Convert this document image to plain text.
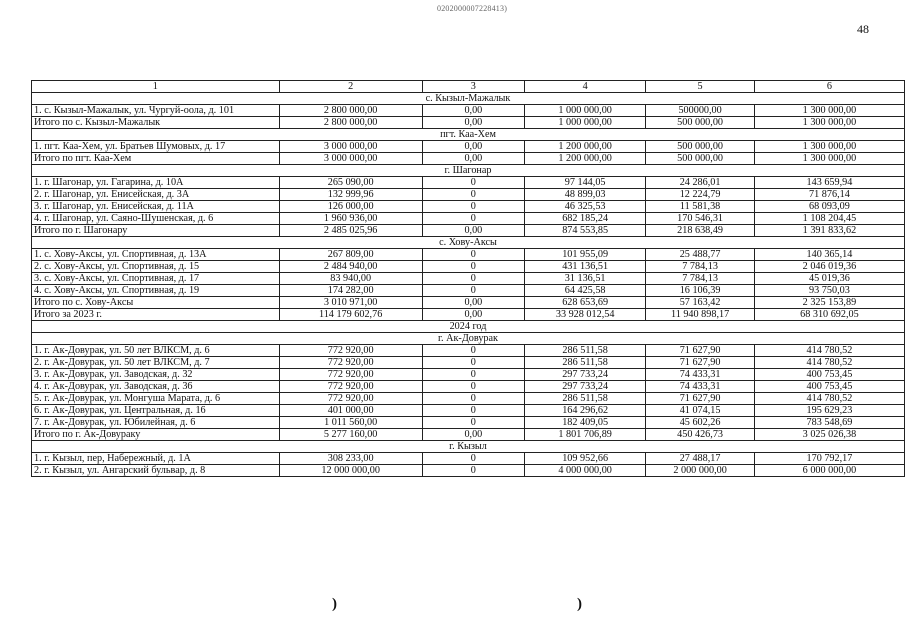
0202000007228413)
48
1	2	3	4	5	6
с. Кызыл-Мажалык					
1. с. Кызыл-Мажалык, ул. Чургуй-оола, д. 101	2 800 000,00	0,00	1 000 000,00	500000,00	1 300 000,00
Итого по с. Кызыл-Мажалык	2 800 000,00	0,00	1 000 000,00	500 000,00	1 300 000,00
пгт. Каа-Хем					
1. пгт. Каа-Хем, ул. Братьев Шумовых, д. 17	3 000 000,00	0,00	1 200 000,00	500 000,00	1 300 000,00
Итого по пгт. Каа-Хем	3 000 000,00	0,00	1 200 000,00	500 000,00	1 300 000,00
г. Шагонар					
1. г. Шагонар, ул. Гагарина, д. 10А	265 090,00	0	97 144,05	24 286,01	143 659,94
2. г. Шагонар, ул. Енисейская, д. 3А	132 999,96	0	48 899,03	12 224,79	71 876,14
3. г. Шагонар, ул. Енисейская, д. 11А	126 000,00	0	46 325,53	11 581,38	68 093,09
4. г. Шагонар, ул. Саяно-Шушенская, д. 6	1 960 936,00	0	682 185,24	170 546,31	1 108 204,45
Итого по г. Шагонару	2 485 025,96	0,00	874 553,85	218 638,49	1 391 833,62
с. Хову-Аксы					
1. с. Хову-Аксы, ул. Спортивная, д. 13А	267 809,00	0	101 955,09	25 488,77	140 365,14
2. с. Хову-Аксы, ул. Спортивная, д. 15	2 484 940,00	0	431 136,51	7 784,13	2 046 019,36
3. с. Хову-Аксы, ул. Спортивная, д. 17	83 940,00	0	31 136,51	7 784,13	45 019,36
4. с. Хову-Аксы, ул. Спортивная, д. 19	174 282,00	0	64 425,58	16 106,39	93 750,03
Итого по с. Хову-Аксы	3 010 971,00	0,00	628 653,69	57 163,42	2 325 153,89
Итого за 2023 г.	114 179 602,76	0,00	33 928 012,54	11 940 898,17	68 310 692,05
2024 год					
г. Ак-Довурак					
1. г. Ак-Довурак, ул. 50 лет ВЛКСМ, д. 6	772 920,00	0	286 511,58	71 627,90	414 780,52
2. г. Ак-Довурак, ул. 50 лет ВЛКСМ, д. 7	772 920,00	0	286 511,58	71 627,90	414 780,52
3. г. Ак-Довурак, ул. Заводская, д. 32	772 920,00	0	297 733,24	74 433,31	400 753,45
4. г. Ак-Довурак, ул. Заводская, д. 36	772 920,00	0	297 733,24	74 433,31	400 753,45
5. г. Ак-Довурак, ул. Монгуша Марата, д. 6	772 920,00	0	286 511,58	71 627,90	414 780,52
6. г. Ак-Довурак, ул. Центральная, д. 16	401 000,00	0	164 296,62	41 074,15	195 629,23
7. г. Ак-Довурак, ул. Юбилейная, д. 6	1 011 560,00	0	182 409,05	45 602,26	783 548,69
Итого по г. Ак-Довураку	5 277 160,00	0,00	1 801 706,89	450 426,73	3 025 026,38
г. Кызыл					
1. г. Кызыл, пер, Набережный, д. 1А	308 233,00	0	109 952,66	27 488,17	170 792,17
2. г. Кызыл, ул. Ангарский бульвар, д. 8	12 000 000,00	0	4 000 000,00	2 000 000,00	6 000 000,00
)	)
